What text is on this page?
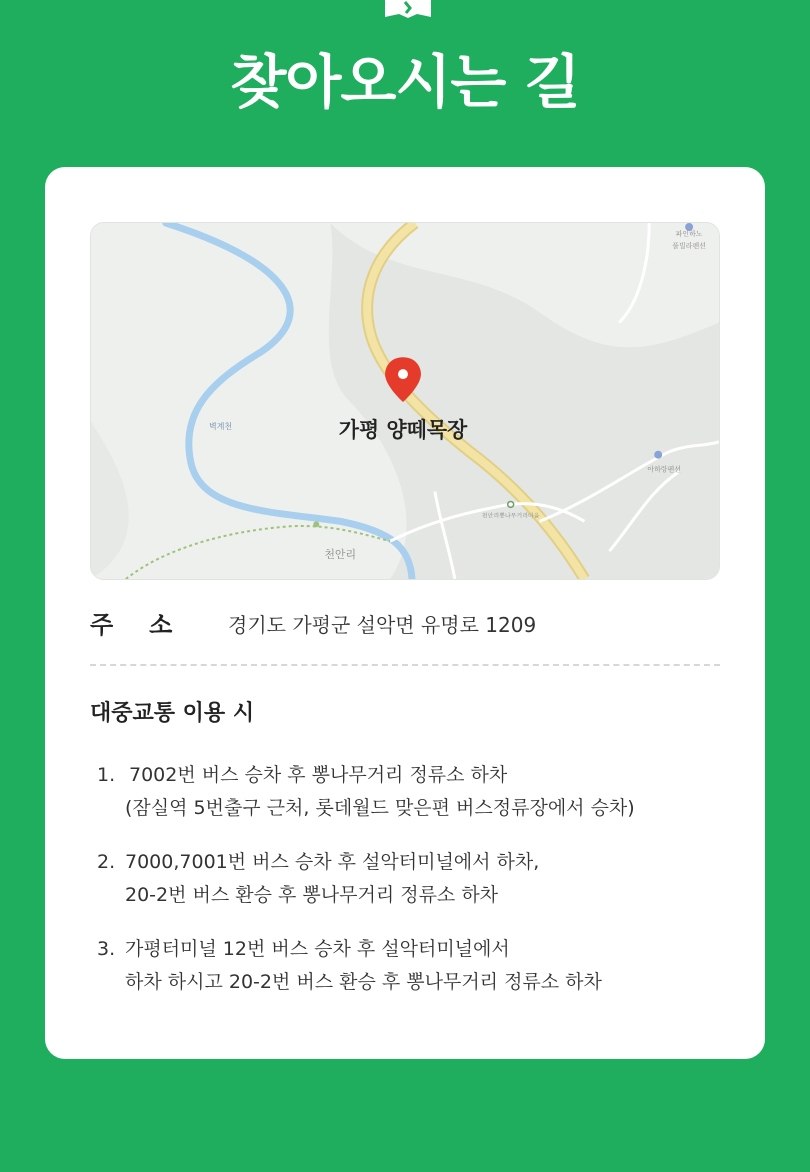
찾아오시는 길
가평 양떼목장
벽계천
천안리
파인하노
풀빌라펜션
아하랑펜션
천안리뽕나무거리마을
주소 경기도 가평군 설악면 유명로 1209
대중교통 이용 시
1. 7002번 버스 승차 후 뽕나무거리 정류소 하차
(잠실역 5번출구 근처, 롯데월드 맞은편 버스정류장에서 승차)
2. 7000,7001번 버스 승차 후 설악터미널에서 하차,
20-2번 버스 환승 후 뽕나무거리 정류소 하차
3. 가평터미널 12번 버스 승차 후 설악터미널에서
하차 하시고 20-2번 버스 환승 후 뽕나무거리 정류소 하차
